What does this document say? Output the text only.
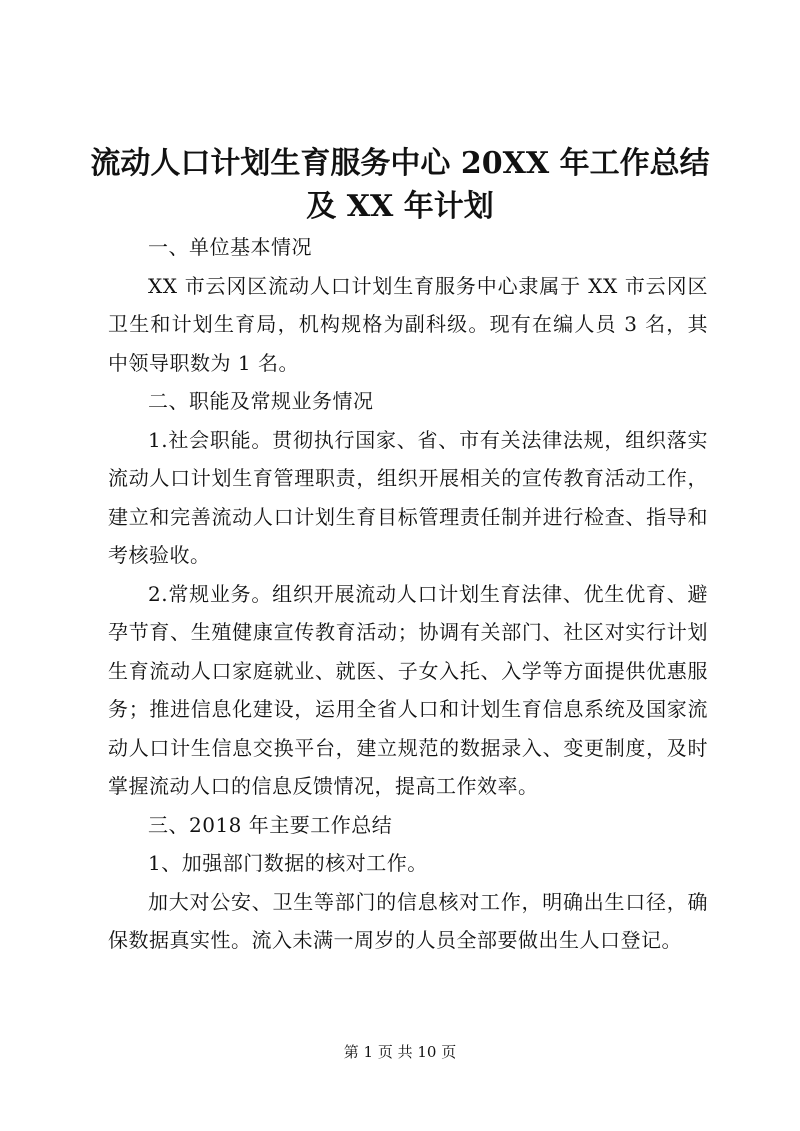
流动人口计划生育服务中心 20XX 年工作总结
及 XX 年计划

一、单位基本情况

XX 市云冈区流动人口计划生育服务中心隶属于 XX 市云冈区卫生和计划生育局，机构规格为副科级。现有在编人员 3 名，其中领导职数为 1 名。

二、职能及常规业务情况

1.社会职能。贯彻执行国家、省、市有关法律法规，组织落实流动人口计划生育管理职责，组织开展相关的宣传教育活动工作，建立和完善流动人口计划生育目标管理责任制并进行检查、指导和考核验收。

2.常规业务。组织开展流动人口计划生育法律、优生优育、避孕节育、生殖健康宣传教育活动；协调有关部门、社区对实行计划生育流动人口家庭就业、就医、子女入托、入学等方面提供优惠服务；推进信息化建设，运用全省人口和计划生育信息系统及国家流动人口计生信息交换平台，建立规范的数据录入、变更制度，及时掌握流动人口的信息反馈情况，提高工作效率。

三、2018 年主要工作总结

1、加强部门数据的核对工作。

加大对公安、卫生等部门的信息核对工作，明确出生口径，确保数据真实性。流入未满一周岁的人员全部要做出生人口登记。

第 1 页 共 10 页
